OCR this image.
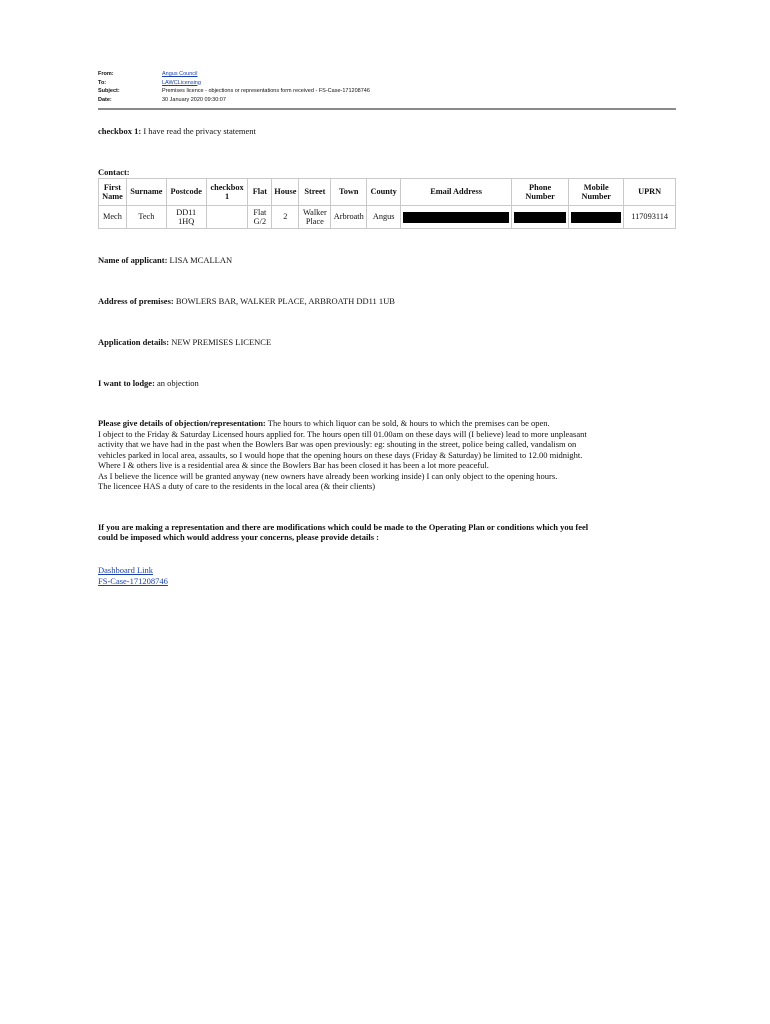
From:	Angus Council
To:	LAWCLicensing
Subject:	Premises licence - objections or representations form received - FS-Case-171208746
Date:	30 January 2020 09:30:07
checkbox 1: I have read the privacy statement
Contact:
First Name	Surname	Postcode	checkbox 1	Flat	House	Street	Town	County	Email Address	Phone Number	Mobile Number	UPRN
Mech	Tech	DD11 1HQ		Flat G/2	2	Walker Place	Arbroath	Angus				117093114
Name of applicant: LISA MCALLAN
Address of premises: BOWLERS BAR, WALKER PLACE, ARBROATH DD11 1UB
Application details: NEW PREMISES LICENCE
I want to lodge: an objection
Please give details of objection/representation: The hours to which liquor can be sold, & hours to which the premises can be open.
I object to the Friday & Saturday Licensed hours applied for. The hours open till 01.00am on these days will (I believe) lead to more unpleasant
activity that we have had in the past when the Bowlers Bar was open previously: eg: shouting in the street, police being called, vandalism on
vehicles parked in local area, assaults, so I would hope that the opening hours on these days (Friday & Saturday) be limited to 12.00 midnight.
Where I & others live is a residential area & since the Bowlers Bar has been closed it has been a lot more peaceful.
As I believe the licence will be granted anyway (new owners have already been working inside) I can only object to the opening hours.
The licencee HAS a duty of care to the residents in the local area (& their clients)
If you are making a representation and there are modifications which could be made to the Operating Plan or conditions which you feel
could be imposed which would address your concerns, please provide details :
Dashboard Link
FS-Case-171208746
